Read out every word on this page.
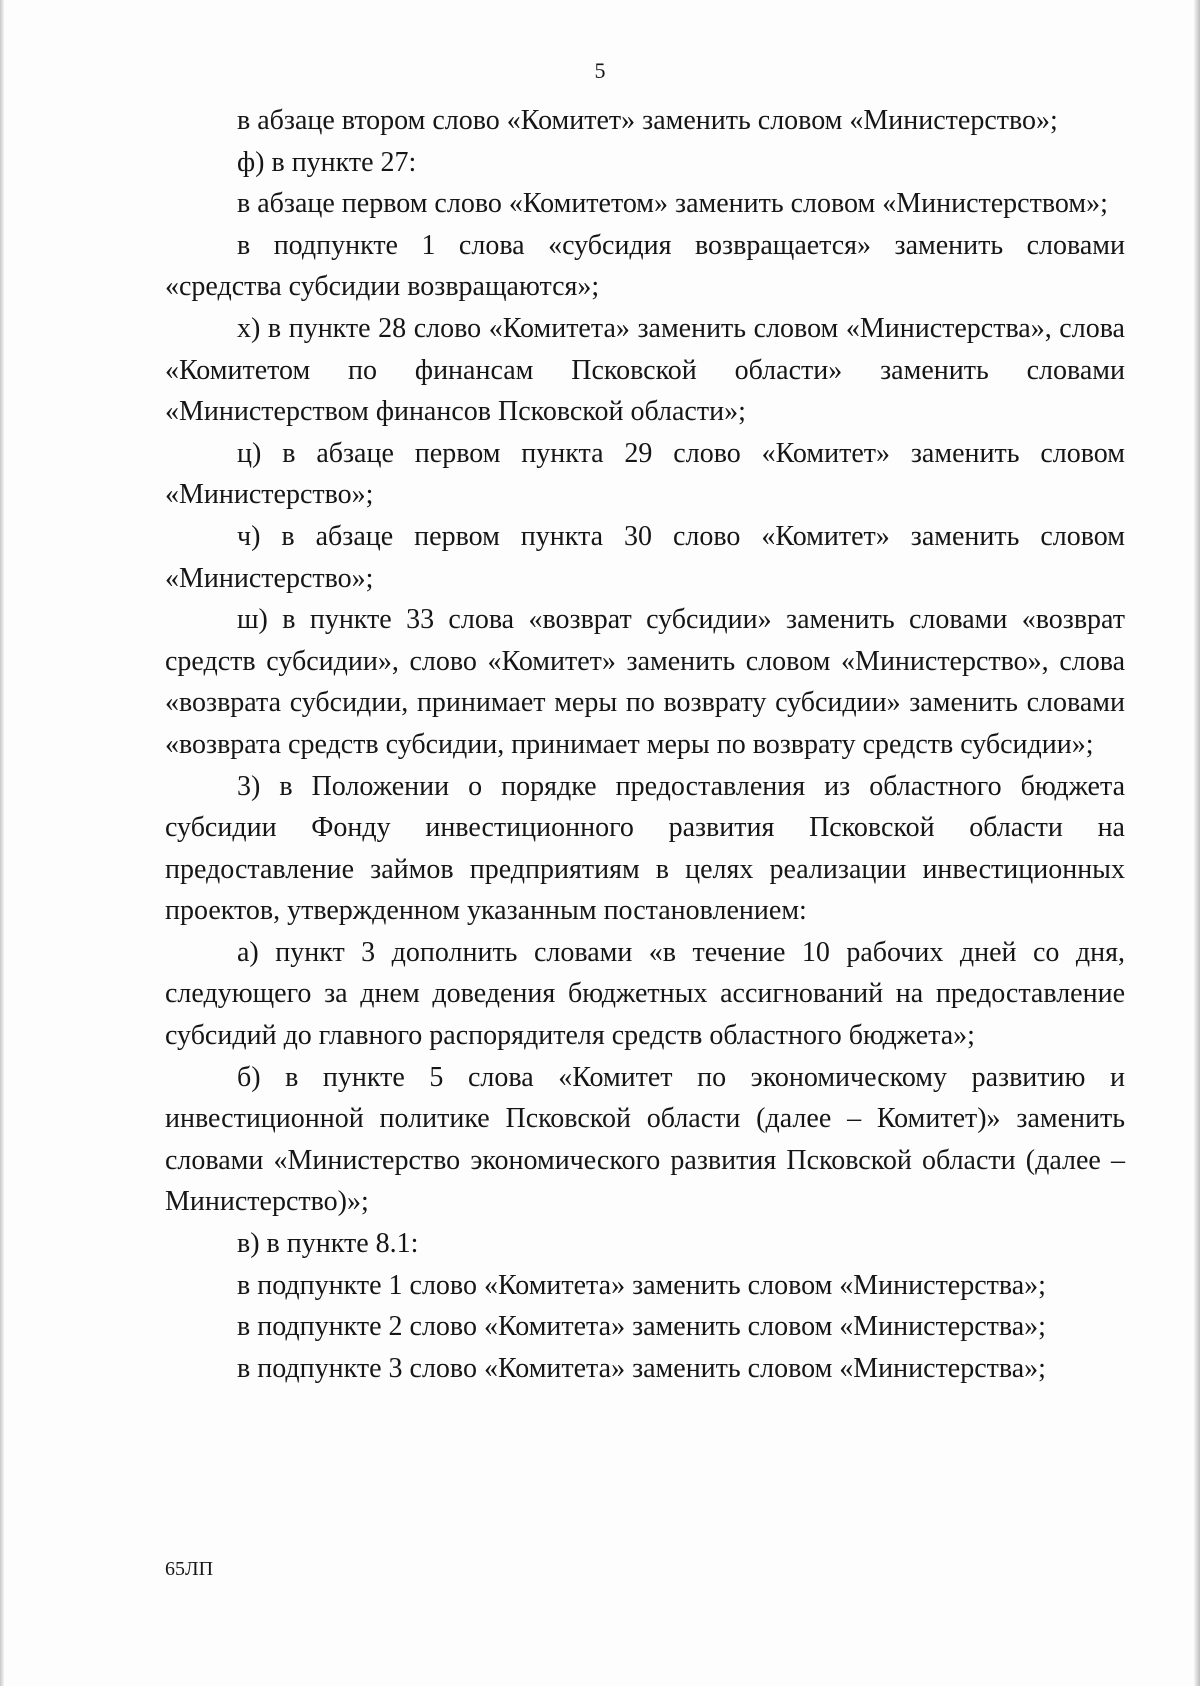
5

в абзаце втором слово «Комитет» заменить словом «Министерство»;

ф) в пункте 27:

в абзаце первом слово «Комитетом» заменить словом «Министерством»;

в подпункте 1 слова «субсидия возвращается» заменить словами «средства субсидии возвращаются»;

х) в пункте 28 слово «Комитета» заменить словом «Министерства», слова «Комитетом по финансам Псковской области» заменить словами «Министерством финансов Псковской области»;

ц) в абзаце первом пункта 29 слово «Комитет» заменить словом «Министерство»;

ч) в абзаце первом пункта 30 слово «Комитет» заменить словом «Министерство»;

ш) в пункте 33 слова «возврат субсидии» заменить словами «возврат средств субсидии», слово «Комитет» заменить словом «Министерство», слова «возврата субсидии, принимает меры по возврату субсидии» заменить словами «возврата средств субсидии, принимает меры по возврату средств субсидии»;

3) в Положении о порядке предоставления из областного бюджета субсидии Фонду инвестиционного развития Псковской области на предоставление займов предприятиям в целях реализации инвестиционных проектов, утвержденном указанным постановлением:

а) пункт 3 дополнить словами «в течение 10 рабочих дней со дня, следующего за днем доведения бюджетных ассигнований на предоставление субсидий до главного распорядителя средств областного бюджета»;

б) в пункте 5 слова «Комитет по экономическому развитию и инвестиционной политике Псковской области (далее – Комитет)» заменить словами «Министерство экономического развития Псковской области (далее – Министерство)»;

в) в пункте 8.1:

в подпункте 1 слово «Комитета» заменить словом «Министерства»;

в подпункте 2 слово «Комитета» заменить словом «Министерства»;

в подпункте 3 слово «Комитета» заменить словом «Министерства»;

65ЛП
